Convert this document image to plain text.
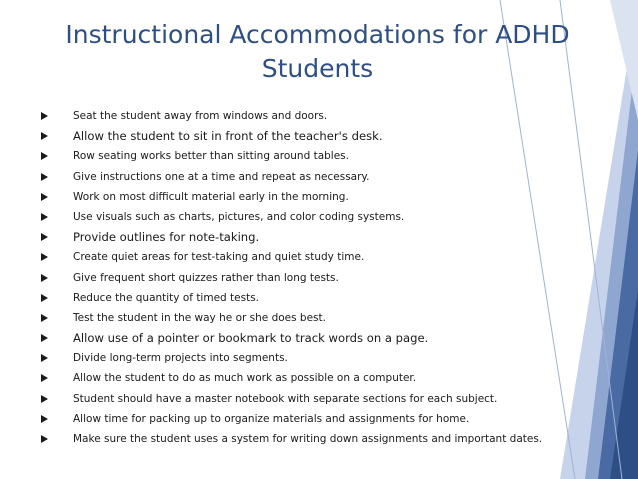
Instructional Accommodations for ADHD
Students
Seat the student away from windows and doors.
Allow the student to sit in front of the teacher's desk.
Row seating works better than sitting around tables.
Give instructions one at a time and repeat as necessary.
Work on most difficult material early in the morning.
Use visuals such as charts, pictures, and color coding systems.
Provide outlines for note-taking.
Create quiet areas for test-taking and quiet study time.
Give frequent short quizzes rather than long tests.
Reduce the quantity of timed tests.
Test the student in the way he or she does best.
Allow use of a pointer or bookmark to track words on a page.
Divide long-term projects into segments.
Allow the student to do as much work as possible on a computer.
Student should have a master notebook with separate sections for each subject.
Allow time for packing up to organize materials and assignments for home.
Make sure the student uses a system for writing down assignments and important dates.
